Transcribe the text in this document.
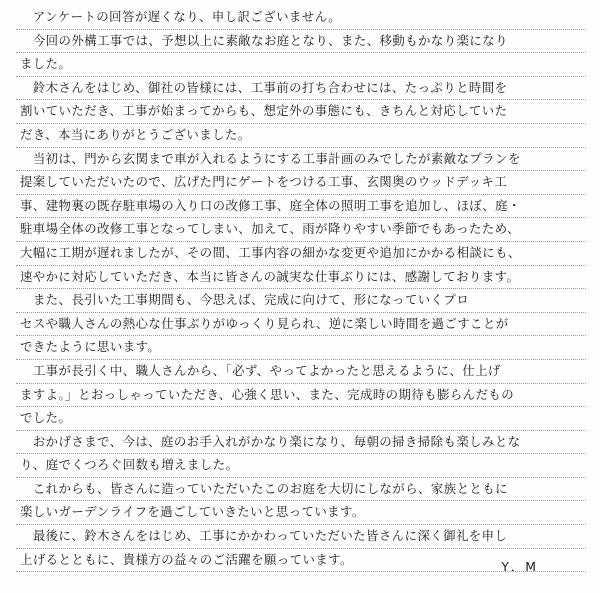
　アンケートの回答が遅くなり、申し訳ございません。
　今回の外構工事では、予想以上に素敵なお庭となり、また、移動もかなり楽になり
ました。
　鈴木さんをはじめ、御社の皆様には、工事前の打ち合わせには、たっぷりと時間を
割いていただき、工事が始まってからも、想定外の事態にも、きちんと対応していた
だき、本当にありがとうございました。
　当初は、門から玄関まで車が入れるようにする工事計画のみでしたが素敵なプランを
提案していただいたので、広げた門にゲートをつける工事、玄関奥のウッドデッキ工
事、建物裏の既存駐車場の入り口の改修工事、庭全体の照明工事を追加し、ほぼ、庭・
駐車場全体の改修工事となってしまい、加えて、雨が降りやすい季節でもあったため、
大幅に工期が遅れましたが、その間、工事内容の細かな変更や追加にかかる相談にも、
速やかに対応していただき、本当に皆さんの誠実な仕事ぶりには、感謝しております。
　また、長引いた工事期間も、今思えば、完成に向けて、形になっていくプロ
セスや職人さんの熱心な仕事ぶりがゆっくり見られ、逆に楽しい時間を過ごすことが
できたように思います。
　工事が長引く中、職人さんから、「必ず、やってよかったと思えるように、仕上げ
ますよ。」とおっしゃっていただき、心強く思い、また、完成時の期待も膨らんだもの
でした。
　おかげさまで、今は、庭のお手入れがかなり楽になり、毎朝の掃き掃除も楽しみとな
り、庭でくつろぐ回数も増えました。
　これからも、皆さんに造っていただいたこのお庭を大切にしながら、家族とともに
楽しいガーデンライフを過ごしていきたいと思っています。
　最後に、鈴木さんをはじめ、工事にかかわっていただいた皆さんに深く御礼を申し
上げるとともに、貴様方の益々のご活躍を願っています。	Y．M
